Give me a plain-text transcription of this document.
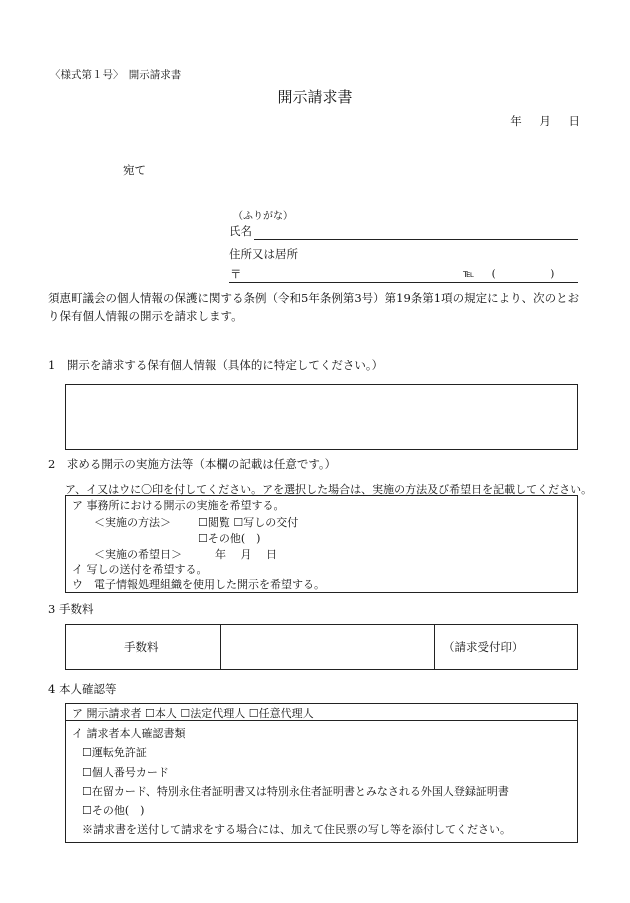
〈様式第１号〉　開示請求書
開示請求書
年 月 日
宛て
（ふりがな）
氏名
住所又は居所
〒	℡ (　)
須恵町議会の個人情報の保護に関する条例（令和5年条例第3号）第19条第1項の規定により、次のとおり保有個人情報の開示を請求します。
1　開示を請求する保有個人情報（具体的に特定してください。）
2　求める開示の実施方法等（本欄の記載は任意です。）
ア、イ又はウに〇印を付してください。アを選択した場合は、実施の方法及び希望日を記載してください。
ア 事務所における開示の実施を希望する。
＜実施の方法＞ ☐閲覧 ☐写しの交付
☐その他(　)
＜実施の希望日＞	年　 月　 日
イ 写しの送付を希望する。
ウ　電子情報処理組織を使用した開示を希望する。
3 手数料
手数料	（請求受付印）
4 本人確認等
ア 開示請求者 ☐本人 ☐法定代理人 ☐任意代理人
イ 請求者本人確認書類
☐運転免許証
☐個人番号カード
☐在留カード、特別永住者証明書又は特別永住者証明書とみなされる外国人登録証明書
☐その他(　)
※請求書を送付して請求をする場合には、加えて住民票の写し等を添付してください。
